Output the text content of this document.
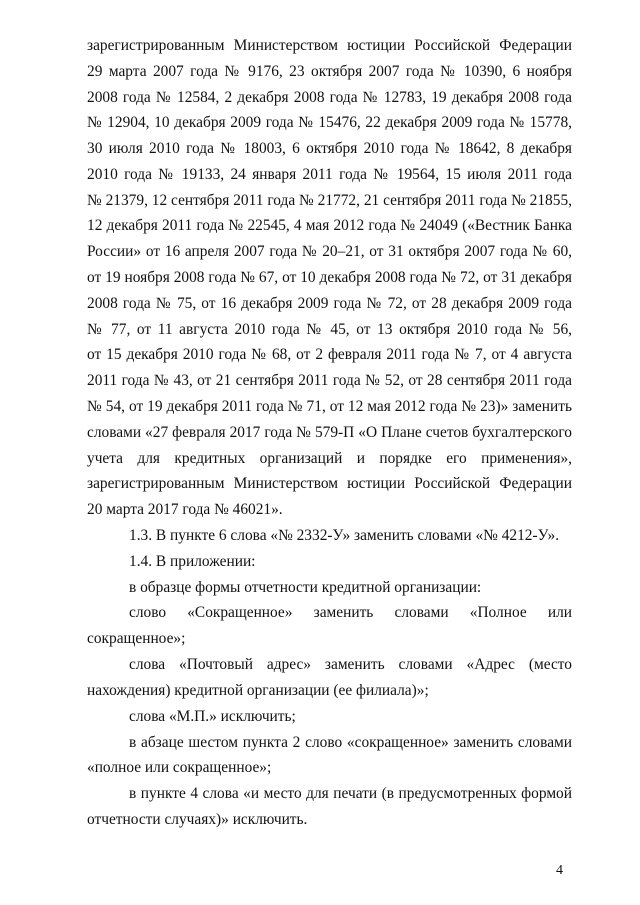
зарегистрированным Министерством юстиции Российской Федерации
29 марта 2007 года № 9176, 23 октября 2007 года № 10390, 6 ноября
2008 года № 12584, 2 декабря 2008 года № 12783, 19 декабря 2008 года
№ 12904, 10 декабря 2009 года № 15476, 22 декабря 2009 года № 15778,
30 июля 2010 года № 18003, 6 октября 2010 года № 18642, 8 декабря
2010 года № 19133, 24 января 2011 года № 19564, 15 июля 2011 года
№ 21379, 12 сентября 2011 года № 21772, 21 сентября 2011 года № 21855,
12 декабря 2011 года № 22545, 4 мая 2012 года № 24049 («Вестник Банка
России» от 16 апреля 2007 года № 20–21, от 31 октября 2007 года № 60,
от 19 ноября 2008 года № 67, от 10 декабря 2008 года № 72, от 31 декабря
2008 года № 75, от 16 декабря 2009 года № 72, от 28 декабря 2009 года
№ 77, от 11 августа 2010 года № 45, от 13 октября 2010 года № 56,
от 15 декабря 2010 года № 68, от 2 февраля 2011 года № 7, от 4 августа
2011 года № 43, от 21 сентября 2011 года № 52, от 28 сентября 2011 года
№ 54, от 19 декабря 2011 года № 71, от 12 мая 2012 года № 23)» заменить
словами «27 февраля 2017 года № 579-П «О Плане счетов бухгалтерского
учета для кредитных организаций и порядке его применения»,
зарегистрированным Министерством юстиции Российской Федерации
20 марта 2017 года № 46021».
1.3. В пункте 6 слова «№ 2332-У» заменить словами «№ 4212-У».
1.4. В приложении:
в образце формы отчетности кредитной организации:
слово «Сокращенное» заменить словами «Полное или
сокращенное»;
слова «Почтовый адрес» заменить словами «Адрес (место
нахождения) кредитной организации (ее филиала)»;
слова «М.П.» исключить;
в абзаце шестом пункта 2 слово «сокращенное» заменить словами
«полное или сокращенное»;
в пункте 4 слова «и место для печати (в предусмотренных формой
отчетности случаях)» исключить.
4
